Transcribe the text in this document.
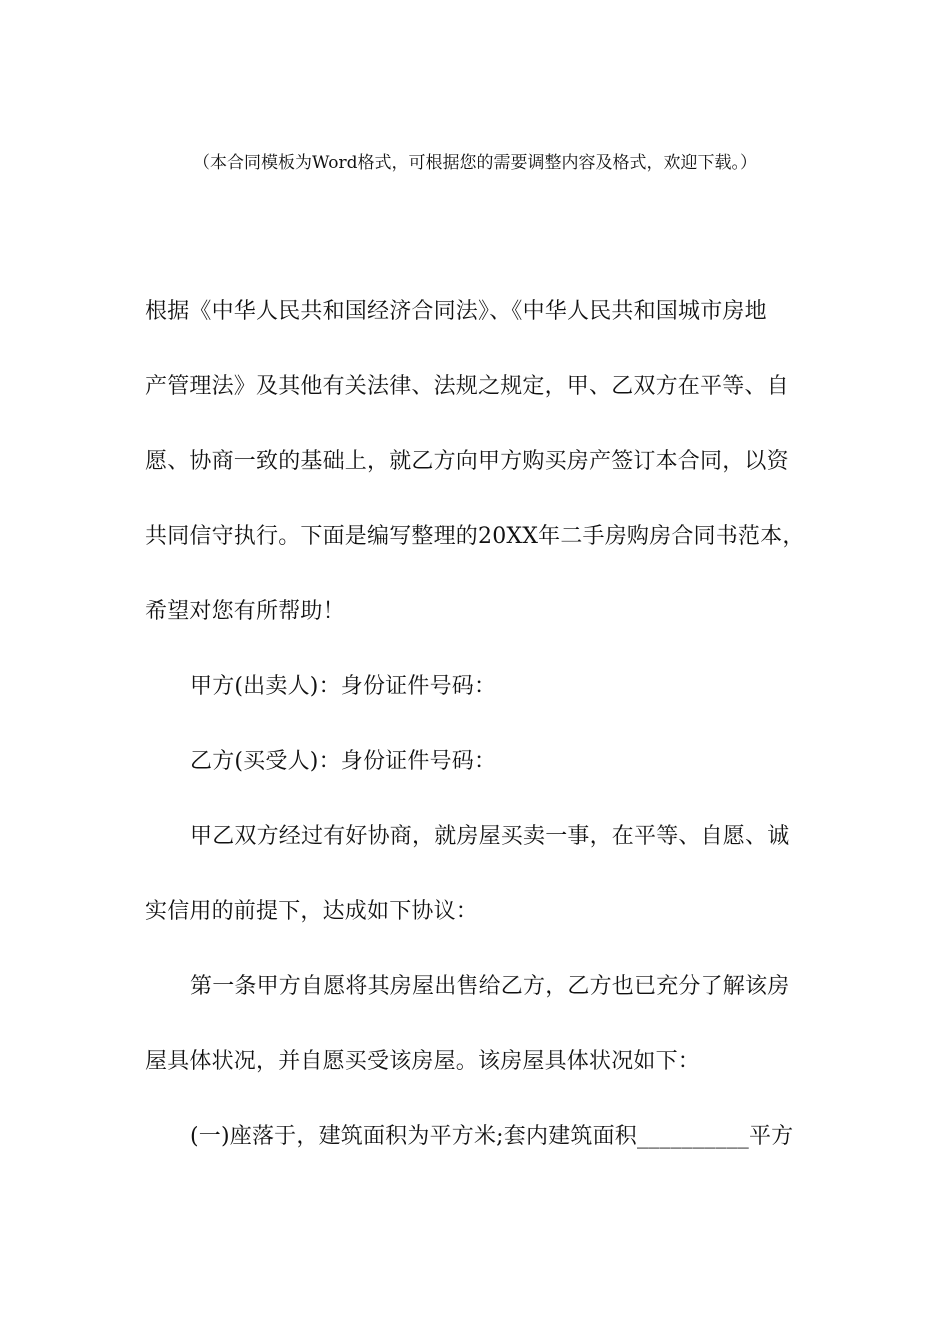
（本合同模板为Word格式，可根据您的需要调整内容及格式，欢迎下载。）
根据《中华人民共和国经济合同法》、《中华人民共和国城市房地
产管理法》及其他有关法律、法规之规定，甲、乙双方在平等、自
愿、协商一致的基础上，就乙方向甲方购买房产签订本合同，以资
共同信守执行。下面是编写整理的20XX年二手房购房合同书范本，
希望对您有所帮助！
甲方(出卖人)：身份证件号码：
乙方(买受人)：身份证件号码：
甲乙双方经过有好协商，就房屋买卖一事，在平等、自愿、诚
实信用的前提下，达成如下协议：
第一条甲方自愿将其房屋出售给乙方，乙方也已充分了解该房
屋具体状况，并自愿买受该房屋。该房屋具体状况如下：
(一)座落于，建筑面积为平方米;套内建筑面积__________平方
